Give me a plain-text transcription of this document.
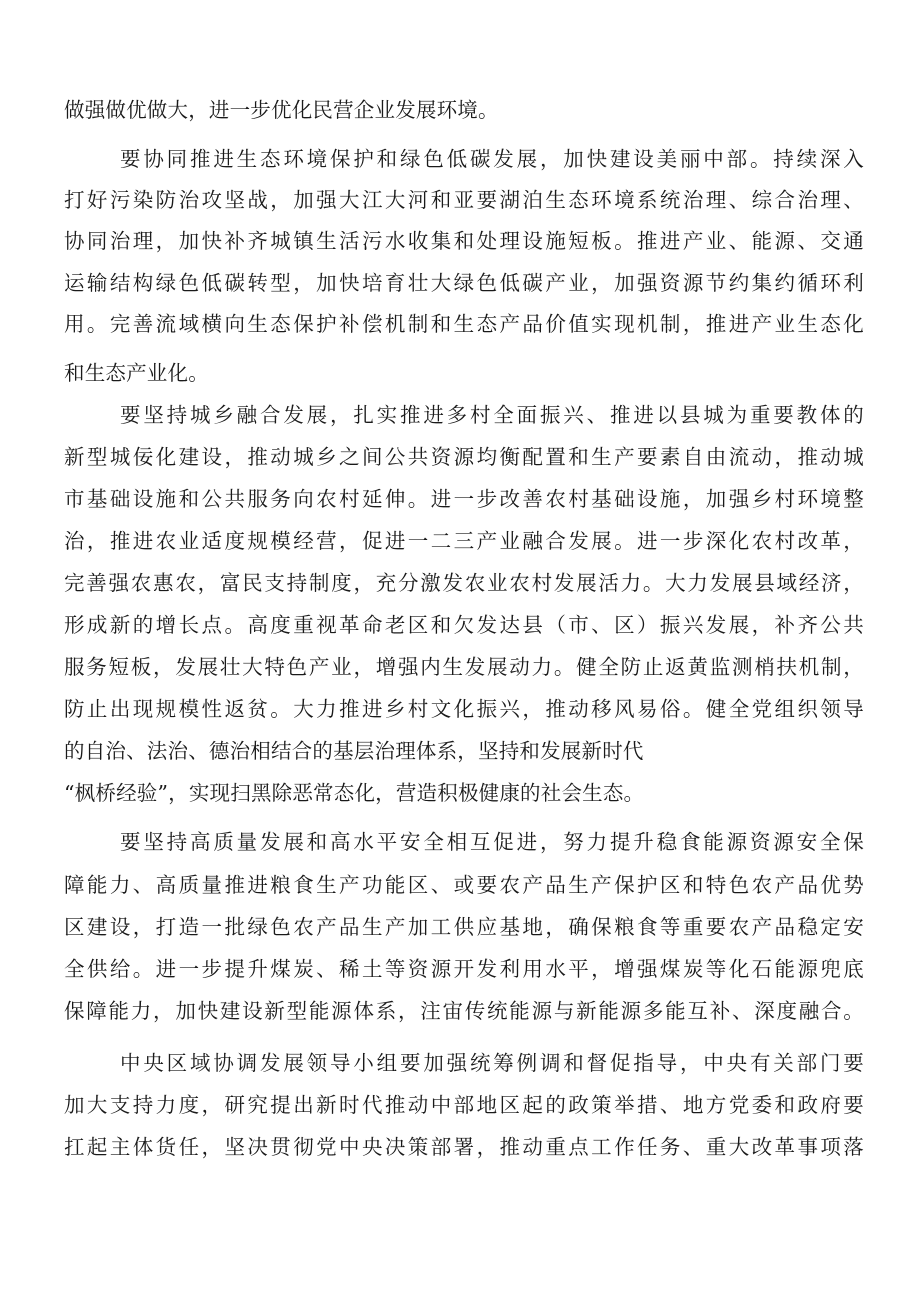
做强做优做大，进一步优化民营企业发展环境。
要协同推进生态环境保护和绿色低碳发展，加快建设美丽中部。持续深入
打好污染防治攻坚战，加强大江大河和亚要湖泊生态环境系统治理、综合治理、
协同治理，加快补齐城镇生活污水收集和处理设施短板。推进产业、能源、交通
运输结构绿色低碳转型，加快培育壮大绿色低碳产业，加强资源节约集约循环利
用。完善流域横向生态保护补偿机制和生态产品价值实现机制，推进产业生态化
和生态产业化。
要坚持城乡融合发展，扎实推进多村全面振兴、推进以县城为重要教体的
新型城佞化建设，推动城乡之间公共资源均衡配置和生产要素自由流动，推动城
市基础设施和公共服务向农村延伸。进一步改善农村基础设施，加强乡村环境整
治，推进农业适度规模经营，促进一二三产业融合发展。进一步深化农村改革，
完善强农惠农，富民支持制度，充分激发农业农村发展活力。大力发展县域经济，
形成新的增长点。高度重视革命老区和欠发达县（市、区）振兴发展，补齐公共
服务短板，发展壮大特色产业，增强内生发展动力。健全防止返黄监测梢扶机制，
防止出现规模性返贫。大力推进乡村文化振兴，推动移风易俗。健全党组织领导
的自治、法治、德治相结合的基层治理体系，坚持和发展新时代
“枫桥经验”，实现扫黑除恶常态化，营造积极健康的社会生态。
要坚持高质量发展和高水平安全相互促进，努力提升稳食能源资源安全保
障能力、高质量推进粮食生产功能区、或要农产品生产保护区和特色农产品优势
区建设，打造一批绿色农产品生产加工供应基地，确保粮食等重要农产品稳定安
全供给。进一步提升煤炭、稀土等资源开发利用水平，增强煤炭等化石能源兜底
保障能力，加快建设新型能源体系，注宙传统能源与新能源多能互补、深度融合。
中央区域协调发展领导小组要加强统筹例调和督促指导，中央有关部门要
加大支持力度，研究提出新时代推动中部地区起的政策举措、地方党委和政府要
扛起主体货任，坚决贯彻党中央决策部署，推动重点工作任务、重大改革事项落
